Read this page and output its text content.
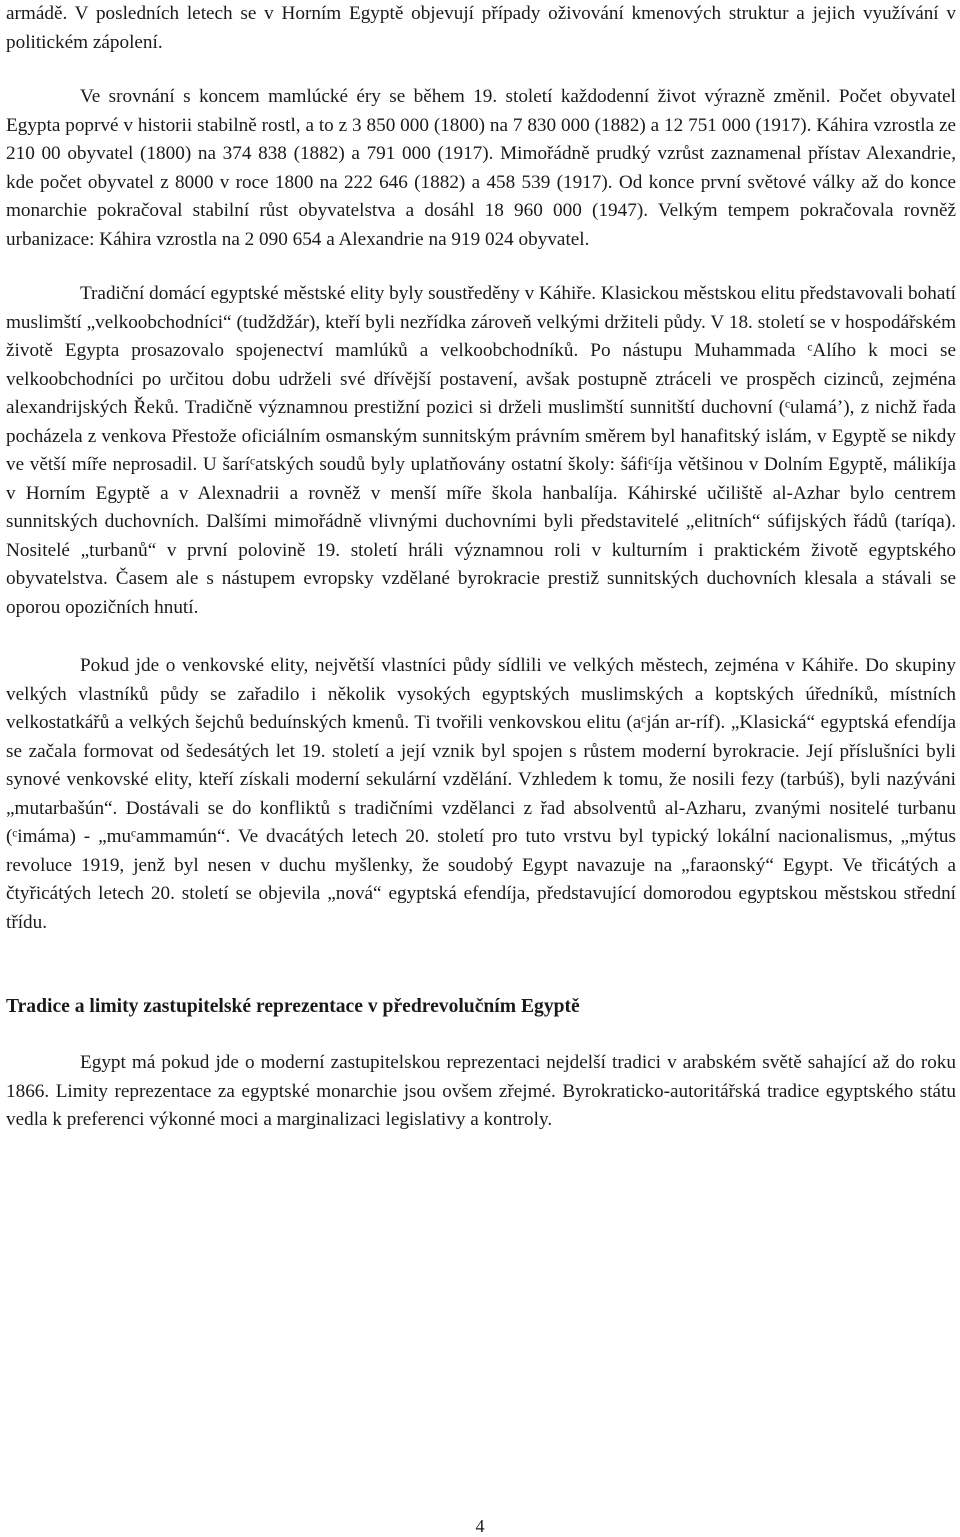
armádě. V posledních letech se v Horním Egyptě objevují případy oživování kmenových struktur a jejich využívání v politickém zápolení.

Ve srovnání s koncem mamlúcké éry se během 19. století každodenní život výrazně změnil. Počet obyvatel Egypta poprvé v historii stabilně rostl, a to z 3 850 000 (1800) na 7 830 000 (1882) a 12 751 000 (1917). Káhira vzrostla ze 210 00 obyvatel (1800) na 374 838 (1882) a 791 000 (1917). Mimořádně prudký vzrůst zaznamenal přístav Alexandrie, kde počet obyvatel z 8000 v roce 1800 na 222 646 (1882) a 458 539 (1917). Od konce první světové války až do konce monarchie pokračoval stabilní růst obyvatelstva a dosáhl 18 960 000 (1947). Velkým tempem pokračovala rovněž urbanizace: Káhira vzrostla na 2 090 654 a Alexandrie na 919 024 obyvatel.

Tradiční domácí egyptské městské elity byly soustředěny v Káhiře. Klasickou městskou elitu představovali bohatí muslimští „velkoobchodníci“ (tudždžár), kteří byli nezřídka zároveň velkými držiteli půdy. V 18. století se v hospodářském životě Egypta prosazovalo spojenectví mamlúků a velkoobchodníků. Po nástupu Muhammada ᶜAlího k moci se velkoobchodníci po určitou dobu udrželi své dřívější postavení, avšak postupně ztráceli ve prospěch cizinců, zejména alexandrijských Řeků. Tradičně významnou prestižní pozici si drželi muslimští sunnitští duchovní (ᶜulamá’), z nichž řada pocházela z venkova Přestože oficiálním osmanským sunnitským právním směrem byl hanafitský islám, v Egyptě se nikdy ve větší míře neprosadil. U šaríᶜatských soudů byly uplatňovány ostatní školy: šáfiᶜíja většinou v Dolním Egyptě, málikíja v Horním Egyptě a v Alexnadrii a rovněž v menší míře škola hanbalíja. Káhirské učiliště al-Azhar bylo centrem sunnitských duchovních. Dalšími mimořádně vlivnými duchovními byli představitelé „elitních“ súfijských řádů (taríqa). Nositelé „turbanů“ v první polovině 19. století hráli významnou roli v kulturním i praktickém životě egyptského obyvatelstva. Časem ale s nástupem evropsky vzdělané byrokracie prestiž sunnitských duchovních klesala a stávali se oporou opozičních hnutí.

Pokud jde o venkovské elity, největší vlastníci půdy sídlili ve velkých městech, zejména v Káhiře. Do skupiny velkých vlastníků půdy se zařadilo i několik vysokých egyptských muslimských a koptských úředníků, místních velkostatkářů a velkých šejchů beduínských kmenů. Ti tvořili venkovskou elitu (aᶜján ar-ríf). „Klasická“ egyptská efendíja se začala formovat od šedesátých let 19. století a její vznik byl spojen s růstem moderní byrokracie. Její příslušníci byli synové venkovské elity, kteří získali moderní sekulární vzdělání. Vzhledem k tomu, že nosili fezy (tarbúš), byli nazýváni „mutarbašún“. Dostávali se do konfliktů s tradičními vzdělanci z řad absolventů al-Azharu, zvanými nositelé turbanu (ᶜimáma) - „muᶜammamún“. Ve dvacátých letech 20. století pro tuto vrstvu byl typický lokální nacionalismus, „mýtus revoluce 1919, jenž byl nesen v duchu myšlenky, že soudobý Egypt navazuje na „faraonský“ Egypt. Ve třicátých a čtyřicátých letech 20. století se objevila „nová“ egyptská efendíja, představující domorodou egyptskou městskou střední třídu.

Tradice a limity zastupitelské reprezentace v předrevolučním Egyptě

Egypt má pokud jde o moderní zastupitelskou reprezentaci nejdelší tradici v arabském světě sahající až do roku 1866. Limity reprezentace za egyptské monarchie jsou ovšem zřejmé. Byrokraticko-autoritářská tradice egyptského státu vedla k preferenci výkonné moci a marginalizaci legislativy a kontroly.

4
